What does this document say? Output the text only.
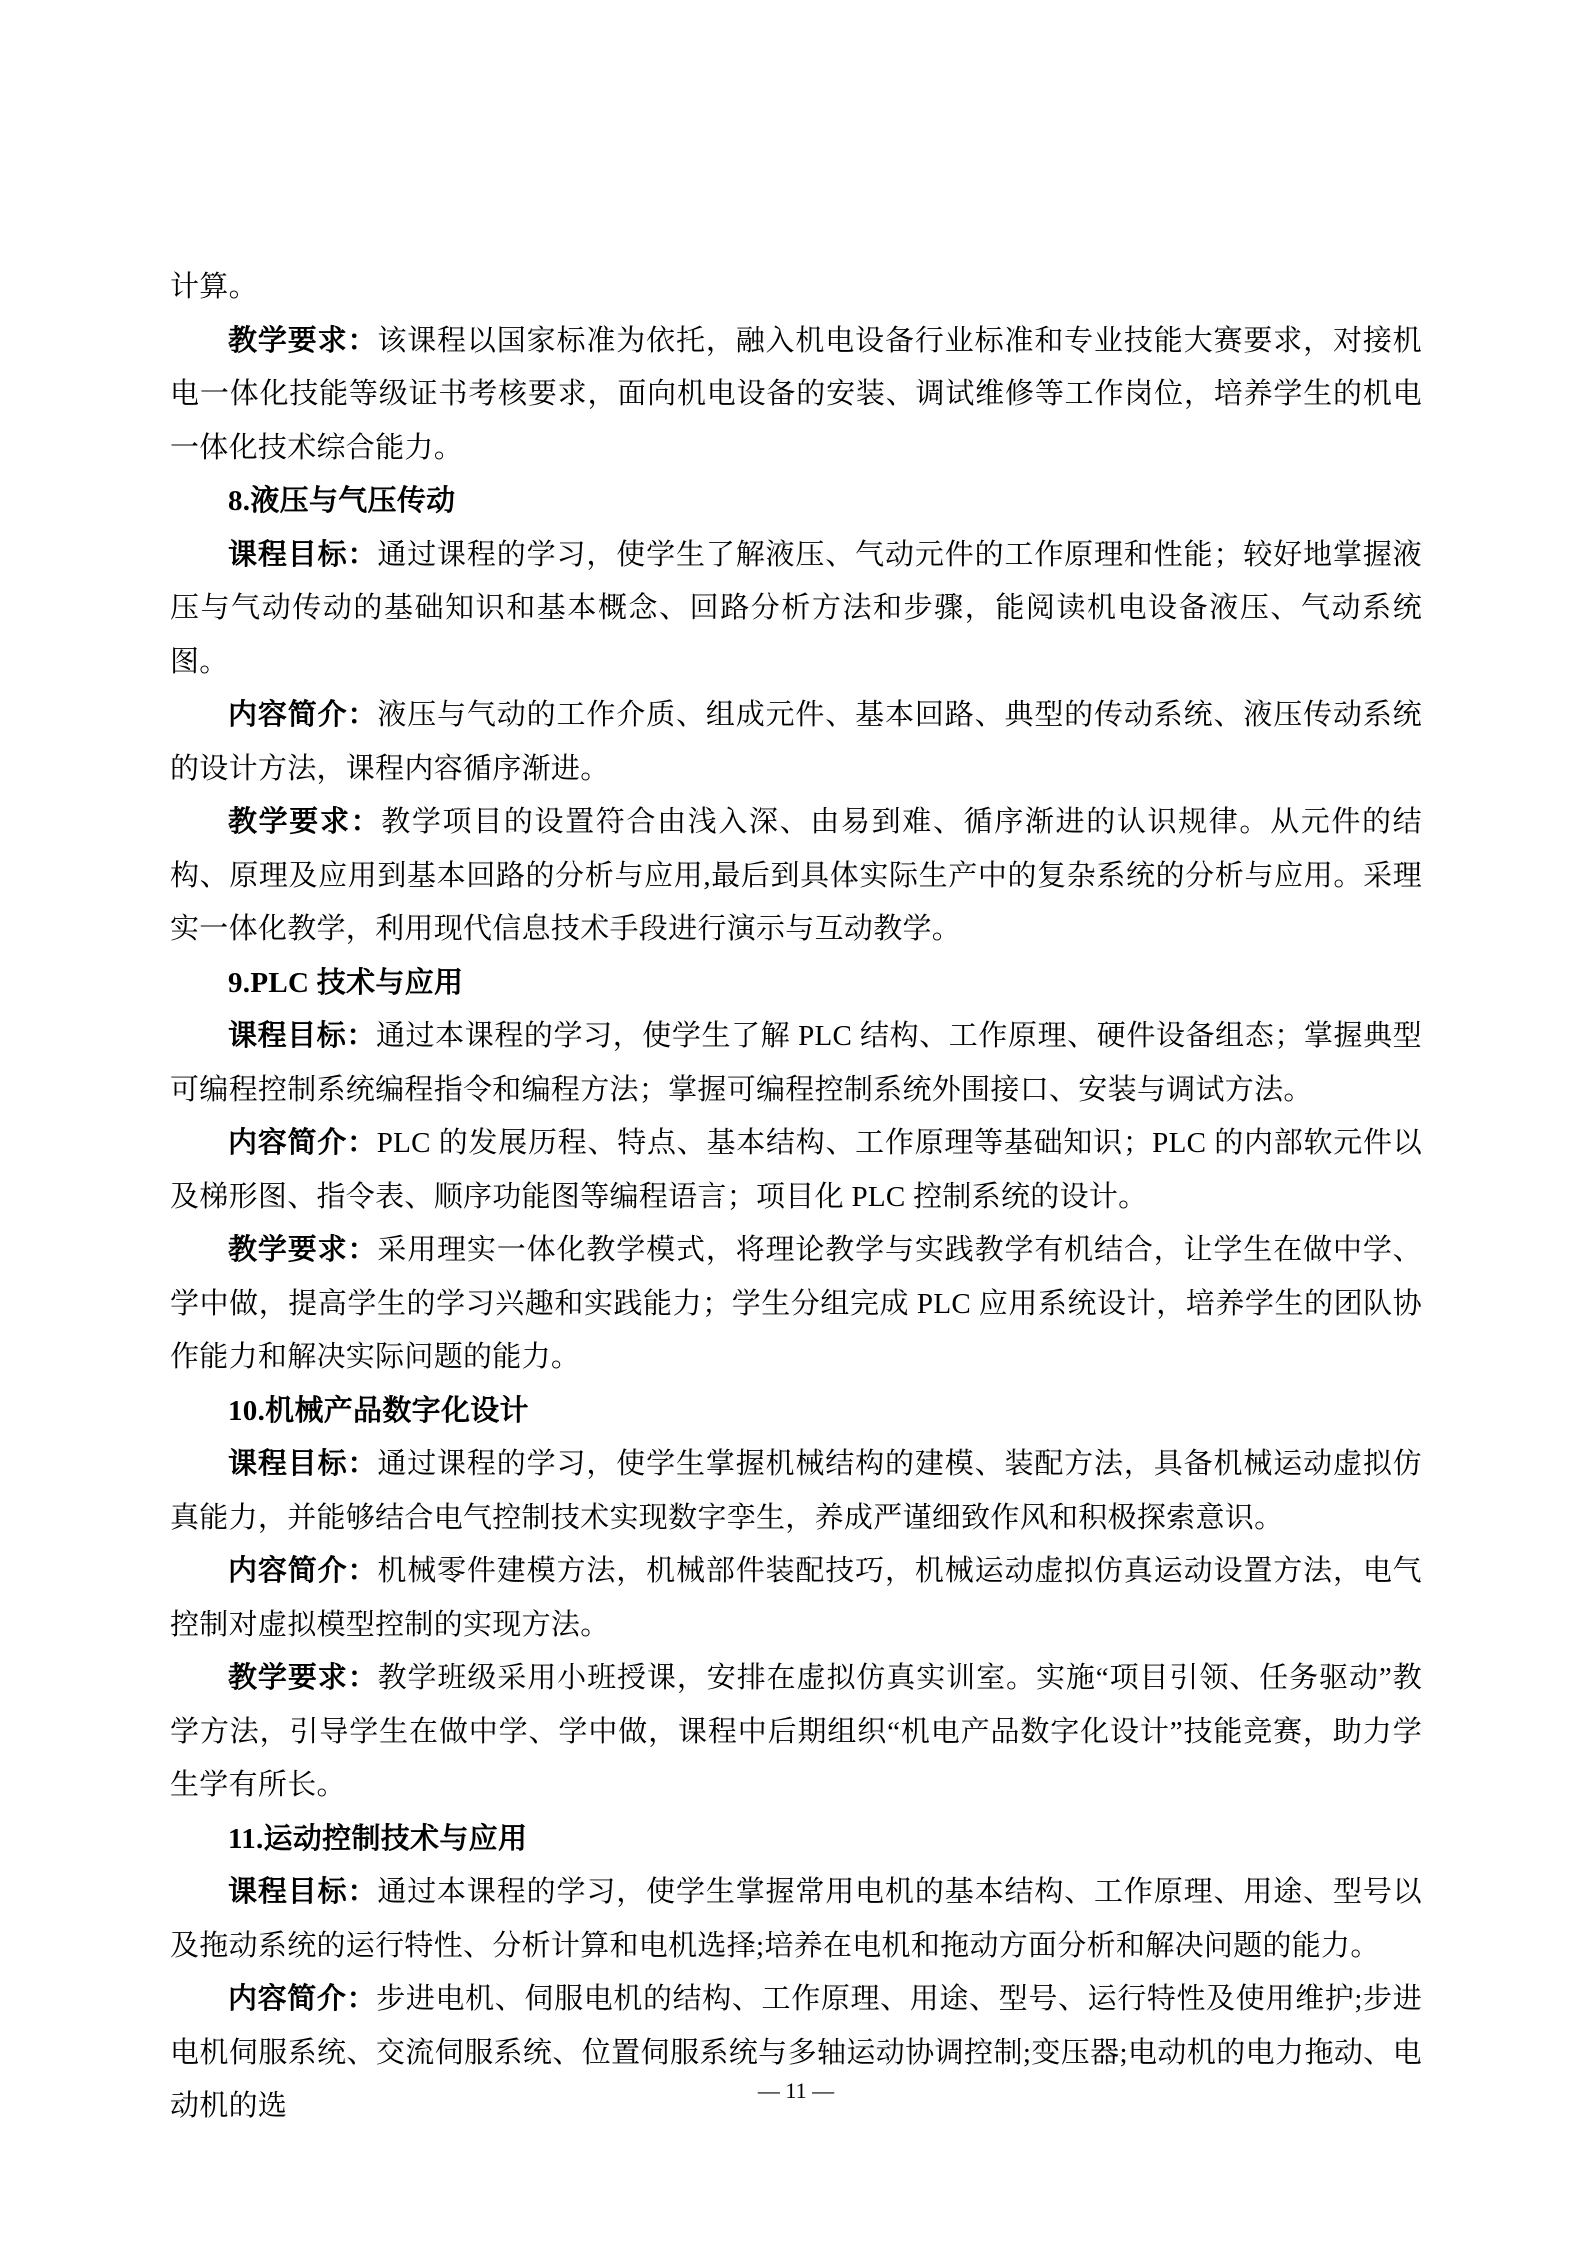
计算。

教学要求：该课程以国家标准为依托，融入机电设备行业标准和专业技能大赛要求，对接机电一体化技能等级证书考核要求，面向机电设备的安装、调试维修等工作岗位，培养学生的机电一体化技术综合能力。

8.液压与气压传动

课程目标：通过课程的学习，使学生了解液压、气动元件的工作原理和性能；较好地掌握液压与气动传动的基础知识和基本概念、回路分析方法和步骤，能阅读机电设备液压、气动系统图。

内容简介：液压与气动的工作介质、组成元件、基本回路、典型的传动系统、液压传动系统的设计方法，课程内容循序渐进。

教学要求：教学项目的设置符合由浅入深、由易到难、循序渐进的认识规律。从元件的结构、原理及应用到基本回路的分析与应用,最后到具体实际生产中的复杂系统的分析与应用。采理实一体化教学，利用现代信息技术手段进行演示与互动教学。

9.PLC 技术与应用

课程目标：通过本课程的学习，使学生了解 PLC 结构、工作原理、硬件设备组态；掌握典型可编程控制系统编程指令和编程方法；掌握可编程控制系统外围接口、安装与调试方法。

内容简介：PLC 的发展历程、特点、基本结构、工作原理等基础知识；PLC 的内部软元件以及梯形图、指令表、顺序功能图等编程语言；项目化 PLC 控制系统的设计。

教学要求：采用理实一体化教学模式，将理论教学与实践教学有机结合，让学生在做中学、学中做，提高学生的学习兴趣和实践能力；学生分组完成 PLC 应用系统设计，培养学生的团队协作能力和解决实际问题的能力。

10.机械产品数字化设计

课程目标：通过课程的学习，使学生掌握机械结构的建模、装配方法，具备机械运动虚拟仿真能力，并能够结合电气控制技术实现数字孪生，养成严谨细致作风和积极探索意识。

内容简介：机械零件建模方法，机械部件装配技巧，机械运动虚拟仿真运动设置方法，电气控制对虚拟模型控制的实现方法。

教学要求：教学班级采用小班授课，安排在虚拟仿真实训室。实施“项目引领、任务驱动”教学方法，引导学生在做中学、学中做，课程中后期组织“机电产品数字化设计”技能竞赛，助力学生学有所长。

11.运动控制技术与应用

课程目标：通过本课程的学习，使学生掌握常用电机的基本结构、工作原理、用途、型号以及拖动系统的运行特性、分析计算和电机选择;培养在电机和拖动方面分析和解决问题的能力。

内容简介：步进电机、伺服电机的结构、工作原理、用途、型号、运行特性及使用维护;步进电机伺服系统、交流伺服系统、位置伺服系统与多轴运动协调控制;变压器;电动机的电力拖动、电动机的选	— 11 —
